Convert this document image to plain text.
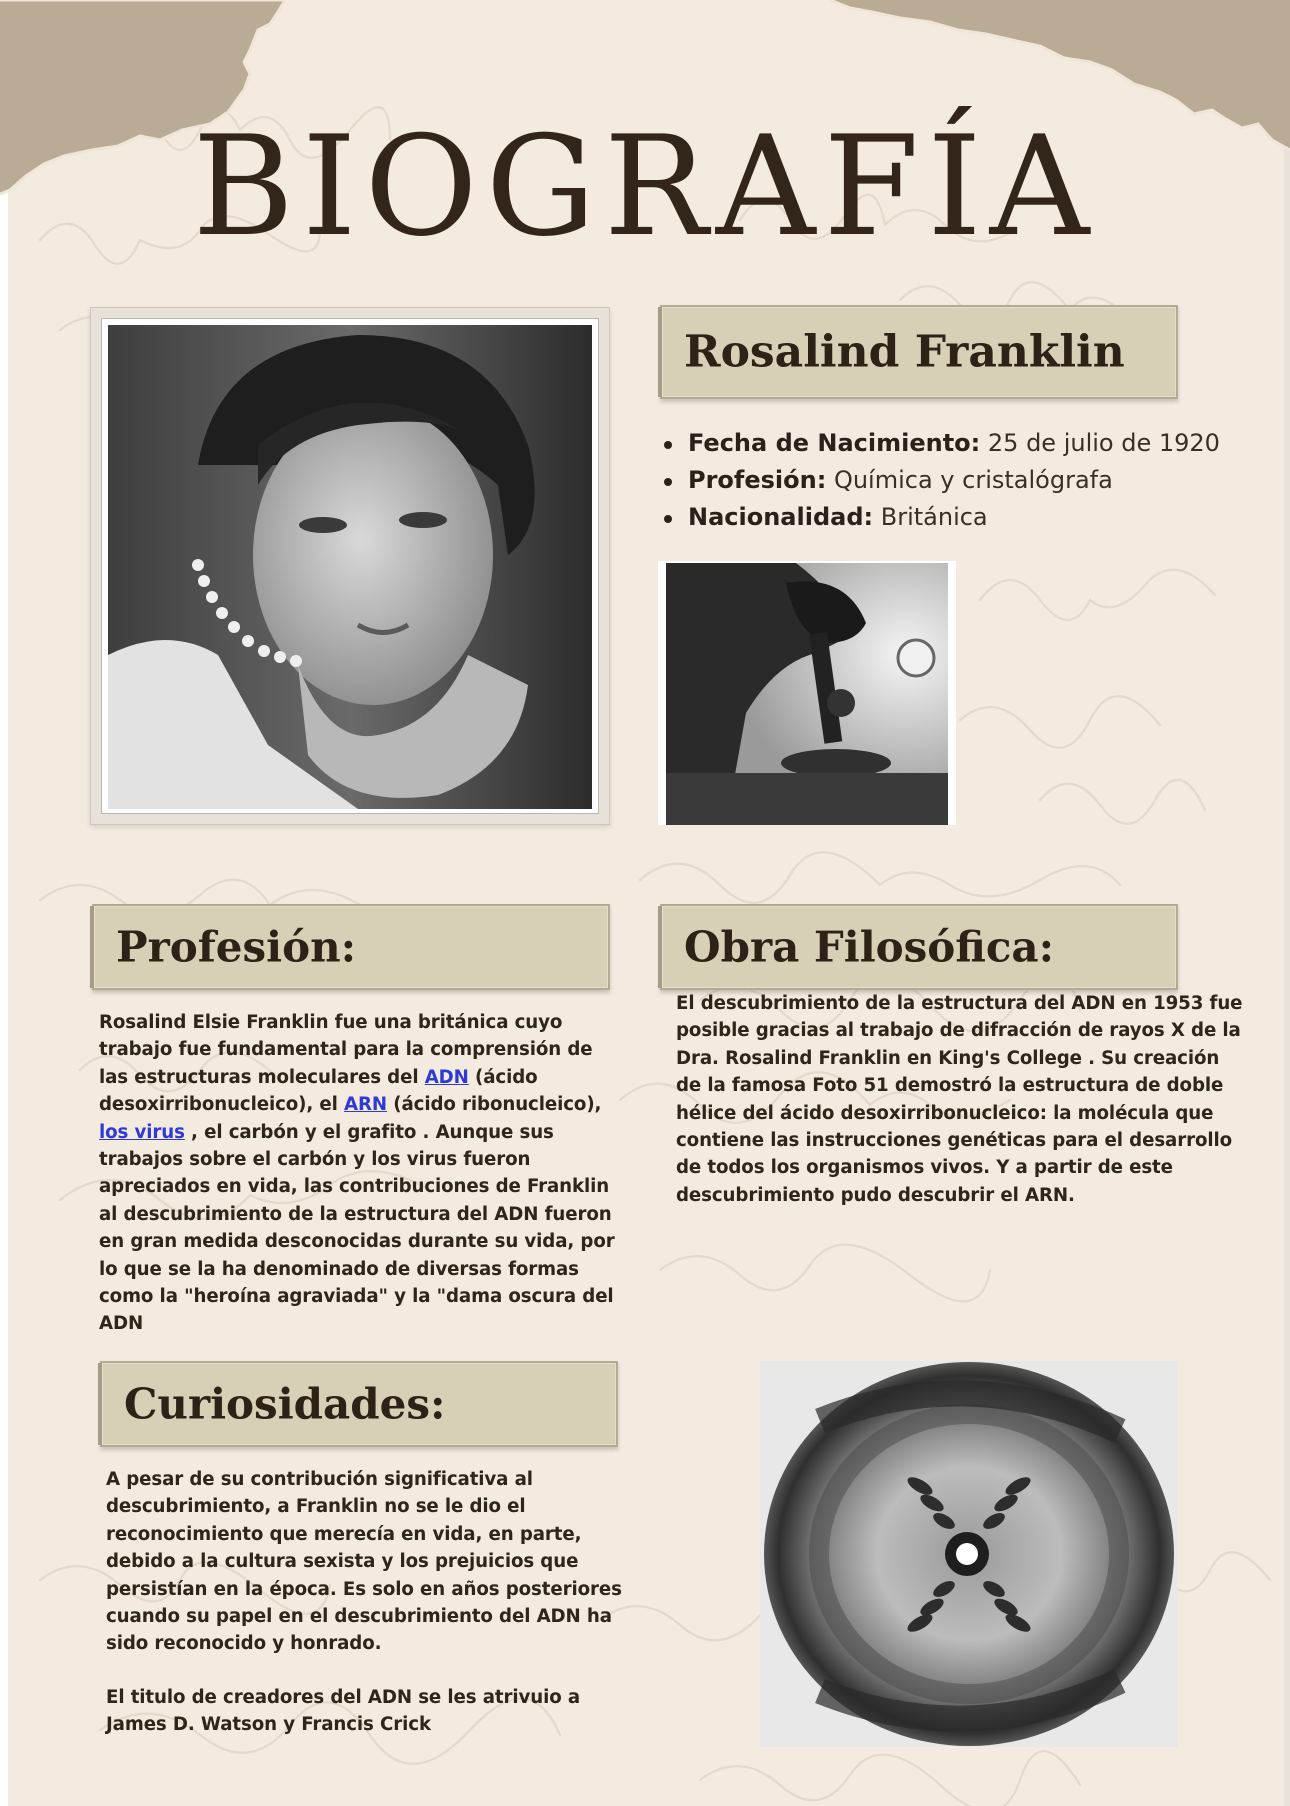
BIOGRAFÍA
Rosalind Franklin
Fecha de Nacimiento: 25 de julio de 1920
Profesión: Química y cristalógrafa
Nacionalidad: Británica
Profesión:
Rosalind Elsie Franklin fue una británica cuyo trabajo fue fundamental para la comprensión de las estructuras moleculares del ADN (ácido desoxirribonucleico), el ARN (ácido ribonucleico), los virus , el carbón y el grafito . Aunque sus trabajos sobre el carbón y los virus fueron apreciados en vida, las contribuciones de Franklin al descubrimiento de la estructura del ADN fueron en gran medida desconocidas durante su vida, por lo que se la ha denominado de diversas formas como la "heroína agraviada" y la "dama oscura del ADN
Obra Filosófica:
El descubrimiento de la estructura del ADN en 1953 fue posible gracias al trabajo de difracción de rayos X de la Dra. Rosalind Franklin en King's College . Su creación de la famosa Foto 51 demostró la estructura de doble hélice del ácido desoxirribonucleico: la molécula que contiene las instrucciones genéticas para el desarrollo de todos los organismos vivos. Y a partir de este descubrimiento pudo descubrir el ARN.
Curiosidades:

A pesar de su contribución significativa al descubrimiento, a Franklin no se le dio el reconocimiento que merecía en vida, en parte, debido a la cultura sexista y los prejuicios que persistían en la época. Es solo en años posteriores cuando su papel en el descubrimiento del ADN ha sido reconocido y honrado.

El titulo de creadores del ADN se les atrivuio a James D. Watson y Francis Crick
